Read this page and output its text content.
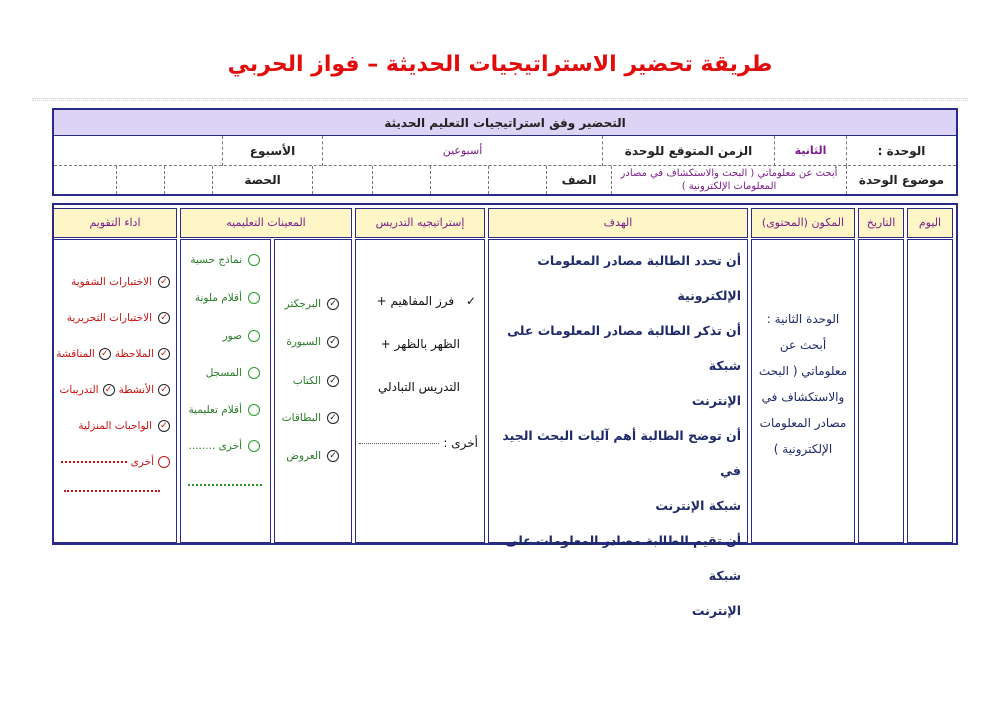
طريقة تحضير الاستراتيجيات الحديثة – فواز الحربي
التحضير وفق استراتيجيات التعليم الحديثة
الوحدة :
الثانية
الزمن المتوقع للوحدة
أسبوعين
الأسبوع
موضوع الوحدة
أبحث عن معلوماتي ( البحث والاستكشاف في مصادر المعلومات الإلكترونية )
الصف
الحصة
اليوم
التاريخ
المكون (المحتوى)
الهدف
إستراتيجيه التدريس
المعينات التعليميه
اداء التقويم
الوحدة الثانية :
أبحث عن
معلوماتي ( البحث
والاستكشاف في
مصادر المعلومات
الإلكترونية )
أن تحدد الطالبة مصادر المعلومات الإلكترونية
أن تذكر الطالبة مصادر المعلومات على شبكة
الإنترنت
أن توضح الطالبة أهم آليات البحث الجيد في
شبكة الإنترنت
أن تقيم الطالبة مصادر المعلومات على شبكة
الإنترنت
✓ فرز المفاهيم +
الظهر بالظهر +
التدريس التبادلي
أخرى :
✓
البرجكتر
✓
السبورة
✓
الكتاب
✓
البطاقات
✓
العروض
نماذج حسية
أقلام ملونة
صور
المسجل
أقلام تعليمية
أخرى ........
✓
الاختبارات الشفوية
✓
الاختبارات التحريرية
✓
الملاحظة
✓
المناقشة
✓
الأنشطة
✓
التدريبات
✓
الواجبات المنزلية
أخرى
